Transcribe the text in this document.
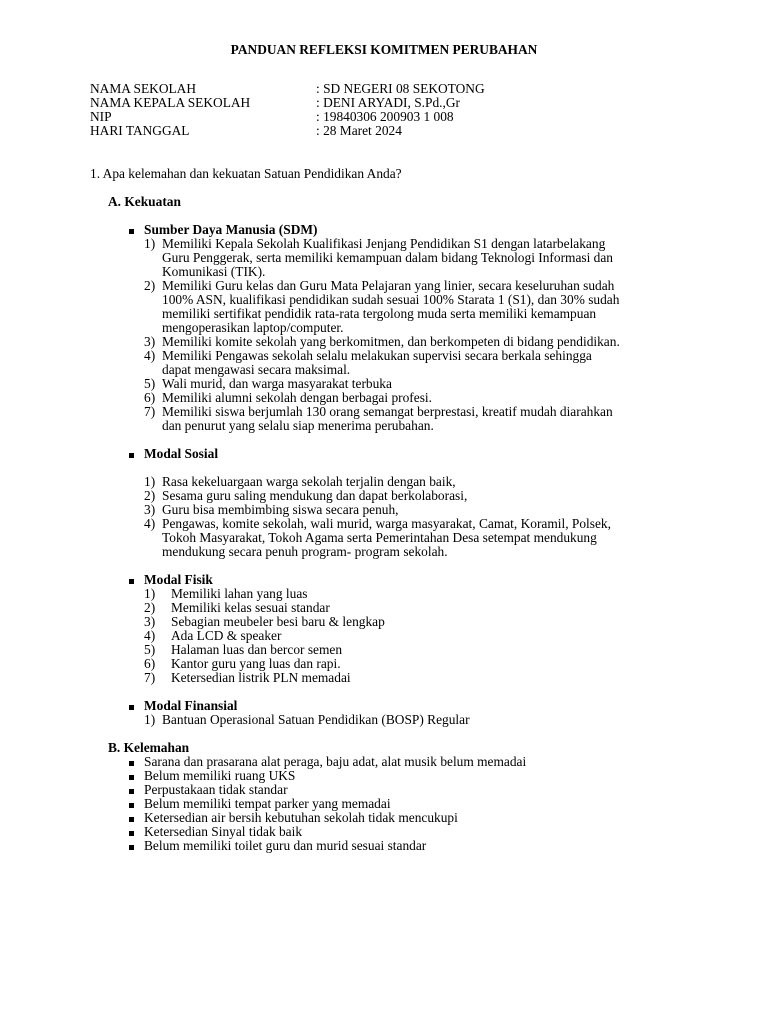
PANDUAN REFLEKSI KOMITMEN PERUBAHAN
NAMA SEKOLAH	: SD NEGERI 08 SEKOTONG
NAMA KEPALA SEKOLAH	: DENI ARYADI, S.Pd.,Gr
NIP	: 19840306 200903 1 008
HARI TANGGAL	: 28 Maret 2024
1. Apa kelemahan dan kekuatan Satuan Pendidikan Anda?
A. Kekuatan
Sumber Daya Manusia (SDM)
1) Memiliki Kepala Sekolah Kualifikasi Jenjang Pendidikan S1 dengan latarbelakang
Guru Penggerak, serta memiliki kemampuan dalam bidang Teknologi Informasi dan
Komunikasi (TIK).
2) Memiliki Guru kelas dan Guru Mata Pelajaran yang linier, secara keseluruhan sudah
100% ASN, kualifikasi pendidikan sudah sesuai 100% Starata 1 (S1), dan 30% sudah
memiliki sertifikat pendidik rata-rata tergolong muda serta memiliki kemampuan
mengoperasikan laptop/computer.
3) Memiliki komite sekolah yang berkomitmen, dan berkompeten di bidang pendidikan.
4) Memiliki Pengawas sekolah selalu melakukan supervisi secara berkala sehingga
dapat mengawasi secara maksimal.
5) Wali murid, dan warga masyarakat terbuka
6) Memiliki alumni sekolah dengan berbagai profesi.
7) Memiliki siswa berjumlah 130 orang semangat berprestasi, kreatif mudah diarahkan
dan penurut yang selalu siap menerima perubahan.
Modal Sosial
1) Rasa kekeluargaan warga sekolah terjalin dengan baik,
2) Sesama guru saling mendukung dan dapat berkolaborasi,
3) Guru bisa membimbing siswa secara penuh,
4) Pengawas, komite sekolah, wali murid, warga masyarakat, Camat, Koramil, Polsek,
Tokoh Masyarakat, Tokoh Agama serta Pemerintahan Desa setempat mendukung
mendukung secara penuh program- program sekolah.
Modal Fisik
1) Memiliki lahan yang luas
2) Memiliki kelas sesuai standar
3) Sebagian meubeler besi baru & lengkap
4) Ada LCD & speaker
5) Halaman luas dan bercor semen
6) Kantor guru yang luas dan rapi.
7) Ketersedian listrik PLN memadai
Modal Finansial
1) Bantuan Operasional Satuan Pendidikan (BOSP) Regular
B. Kelemahan
Sarana dan prasarana alat peraga, baju adat, alat musik belum memadai
Belum memiliki ruang UKS
Perpustakaan tidak standar
Belum memiliki tempat parker yang memadai
Ketersedian air bersih kebutuhan sekolah tidak mencukupi
Ketersedian Sinyal tidak baik
Belum memiliki toilet guru dan murid sesuai standar
